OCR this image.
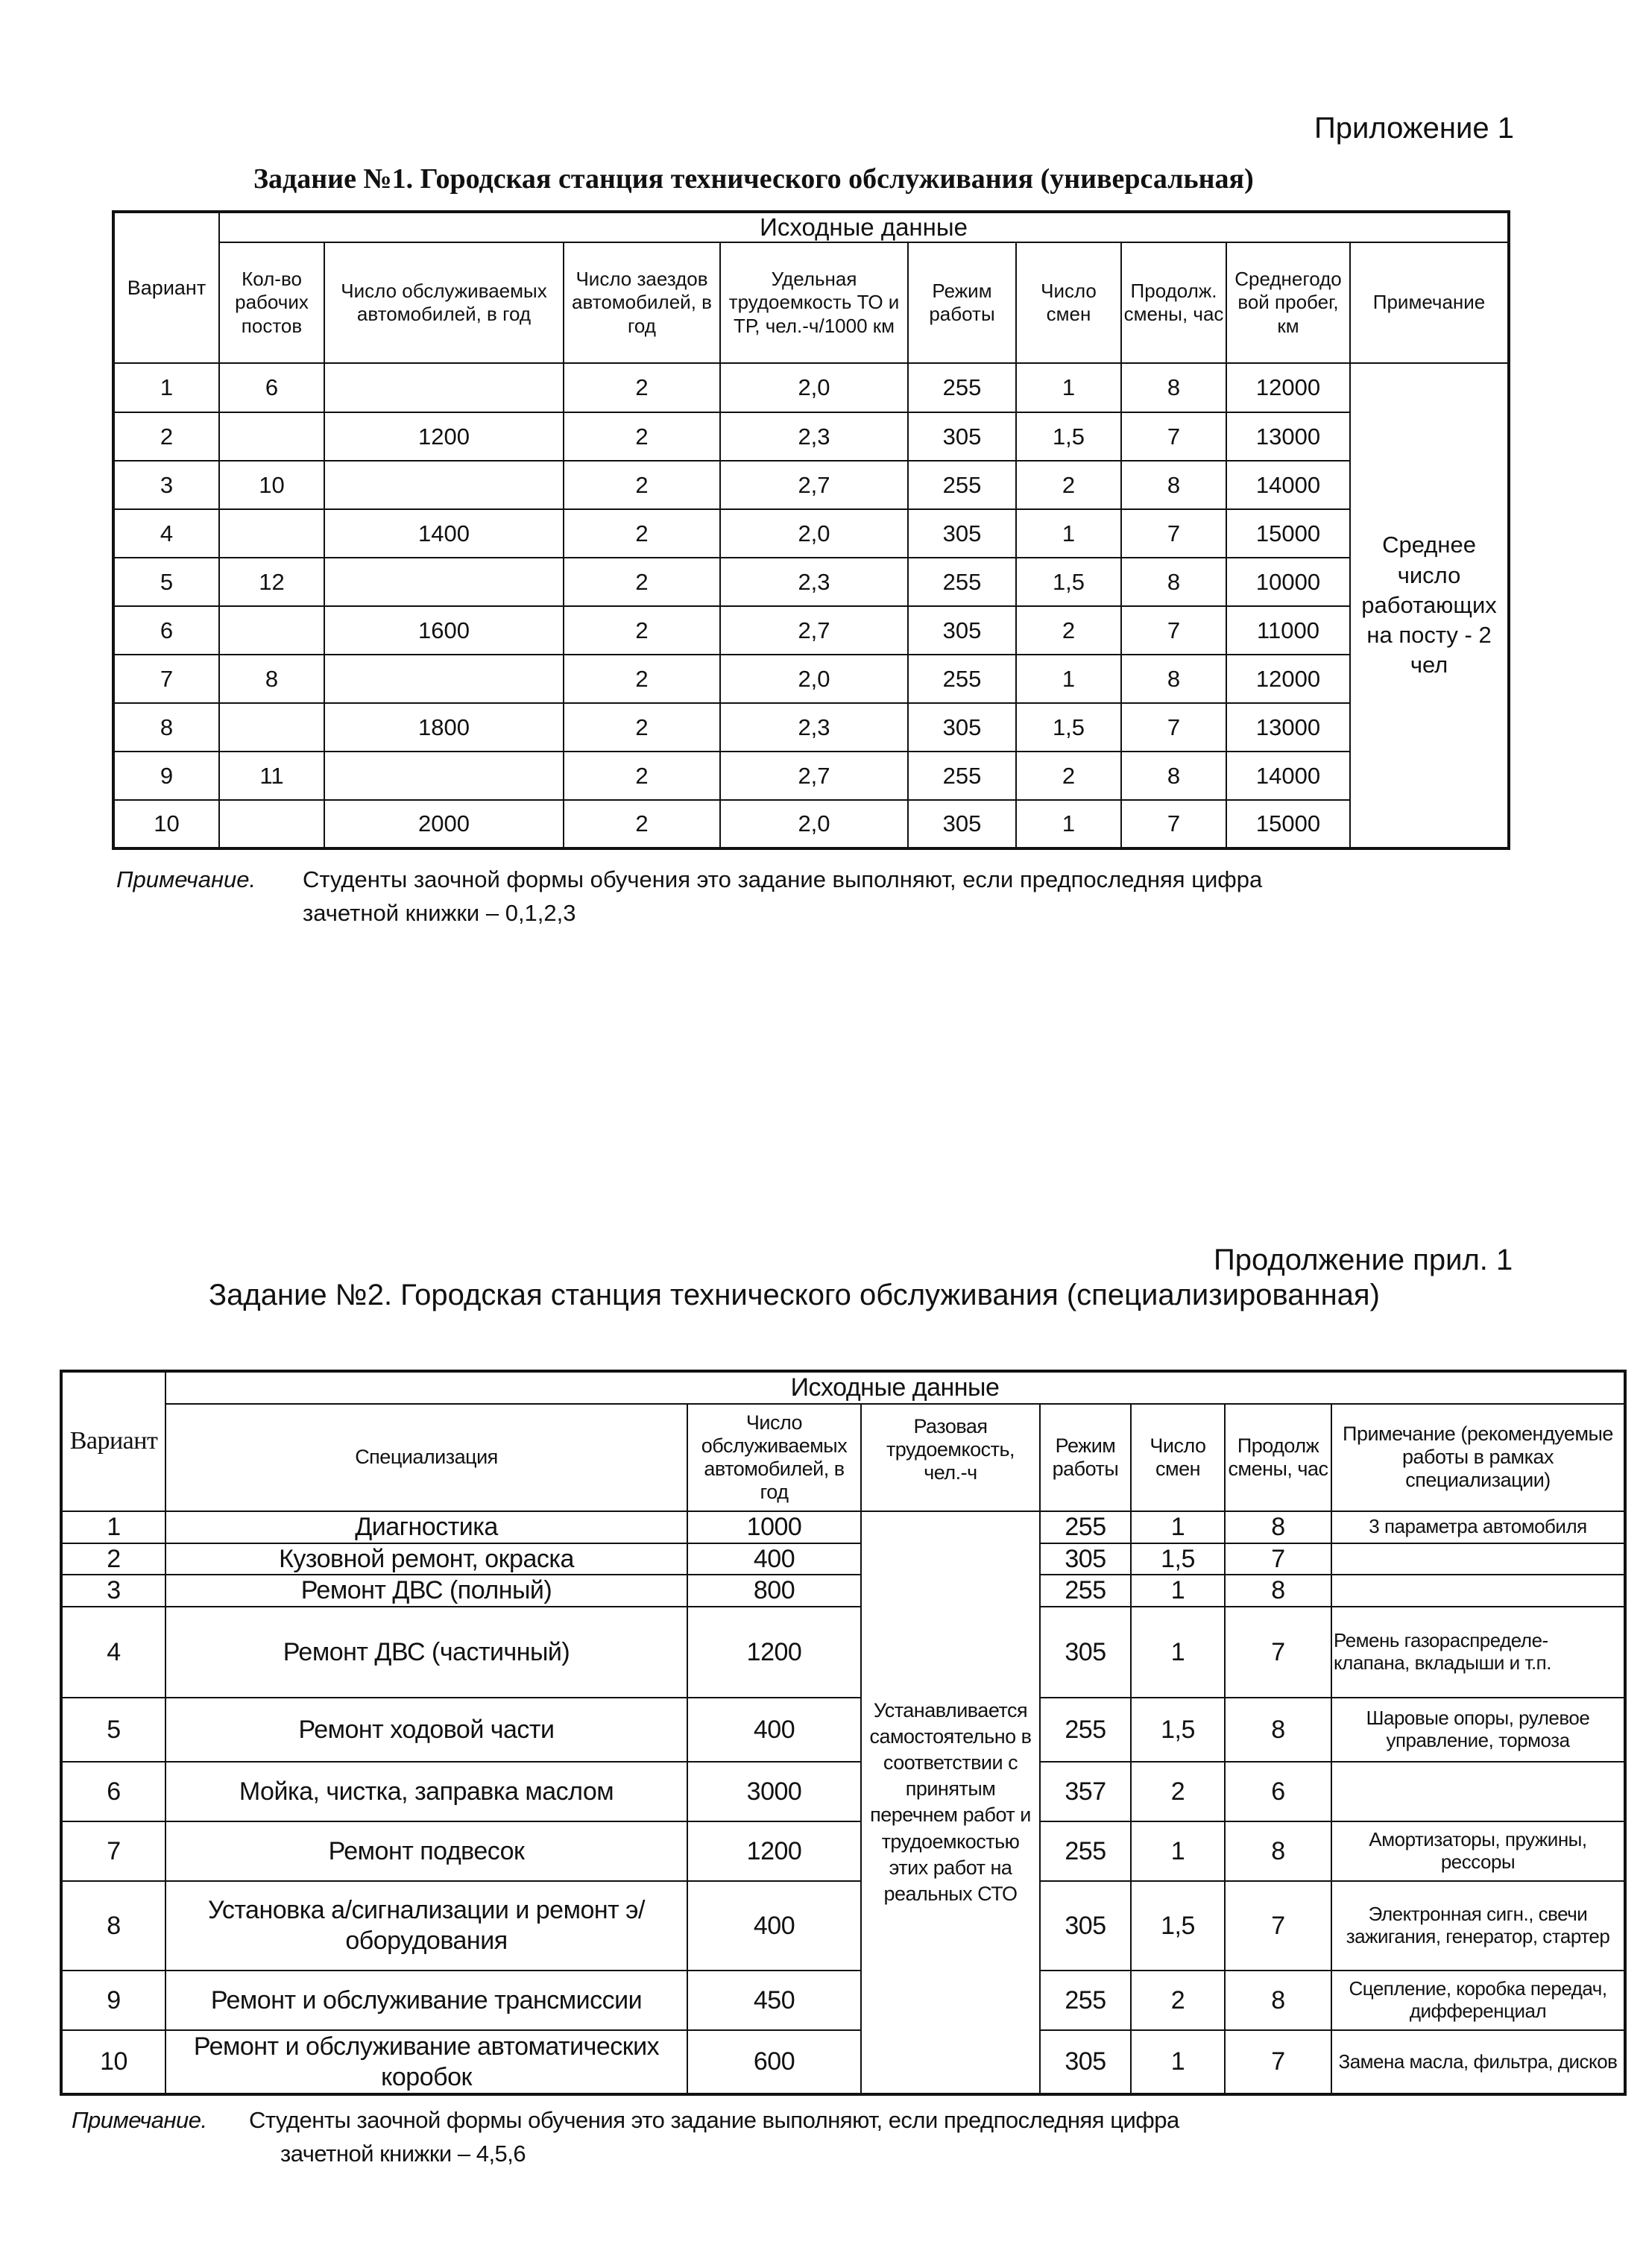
Приложение 1
Задание №1. Городская станция технического обслуживания (универсальная)
Вариант	Исходные данные								
	Кол-во рабочих постов	Число обслуживаемых автомобилей, в год	Число заездов автомобилей, в год	Удельная трудоемкость ТО и ТР, чел.-ч/1000 км	Режим работы	Число смен	Продолж. смены, час	Среднегодо вой пробег, км	Примечание
1	6		2	2,0	255	1	8	12000	Среднее число работающих на посту - 2 чел
2		1200	2	2,3	305	1,5	7	13000	
3	10		2	2,7	255	2	8	14000	
4		1400	2	2,0	305	1	7	15000	
5	12		2	2,3	255	1,5	8	10000	
6		1600	2	2,7	305	2	7	11000	
7	8		2	2,0	255	1	8	12000	
8		1800	2	2,3	305	1,5	7	13000	
9	11		2	2,7	255	2	8	14000	
10		2000	2	2,0	305	1	7	15000	
Примечание. Студенты заочной формы обучения это задание выполняют, если предпоследняя цифра
зачетной книжки – 0,1,2,3
Продолжение прил. 1
Задание №2. Городская станция технического обслуживания (специализированная)
Вариант	Исходные данные						
	Специализация	Число обслуживаемых автомобилей, в год	Разовая трудоемкость, чел.-ч	Режим работы	Число смен	Продолж смены, час	Примечание (рекомендуемые работы в рамках специализации)
1	Диагностика	1000	Устанавливается самостоятельно в соответствии с принятым перечнем работ и трудоемкостью этих работ на реальных СТО	255	1	8	3 параметра автомобиля
2	Кузовной ремонт, окраска	400		305	1,5	7	
3	Ремонт ДВС (полный)	800		255	1	8	
4	Ремонт ДВС (частичный)	1200		305	1	7	Ремень газораспределе- клапана, вкладыши и т.п.
5	Ремонт ходовой части	400		255	1,5	8	Шаровые опоры, рулевое управление, тормоза
6	Мойка, чистка, заправка маслом	3000		357	2	6	
7	Ремонт подвесок	1200		255	1	8	Амортизаторы, пружины, рессоры
8	Установка а/сигнализации и ремонт э/оборудования	400		305	1,5	7	Электронная сигн., свечи зажигания, генератор, стартер
9	Ремонт и обслуживание трансмиссии	450		255	2	8	Сцепление, коробка передач, дифференциал
10	Ремонт и обслуживание автоматических коробок	600		305	1	7	Замена масла, фильтра, дисков
Примечание. Студенты заочной формы обучения это задание выполняют, если предпоследняя цифра
зачетной книжки – 4,5,6
